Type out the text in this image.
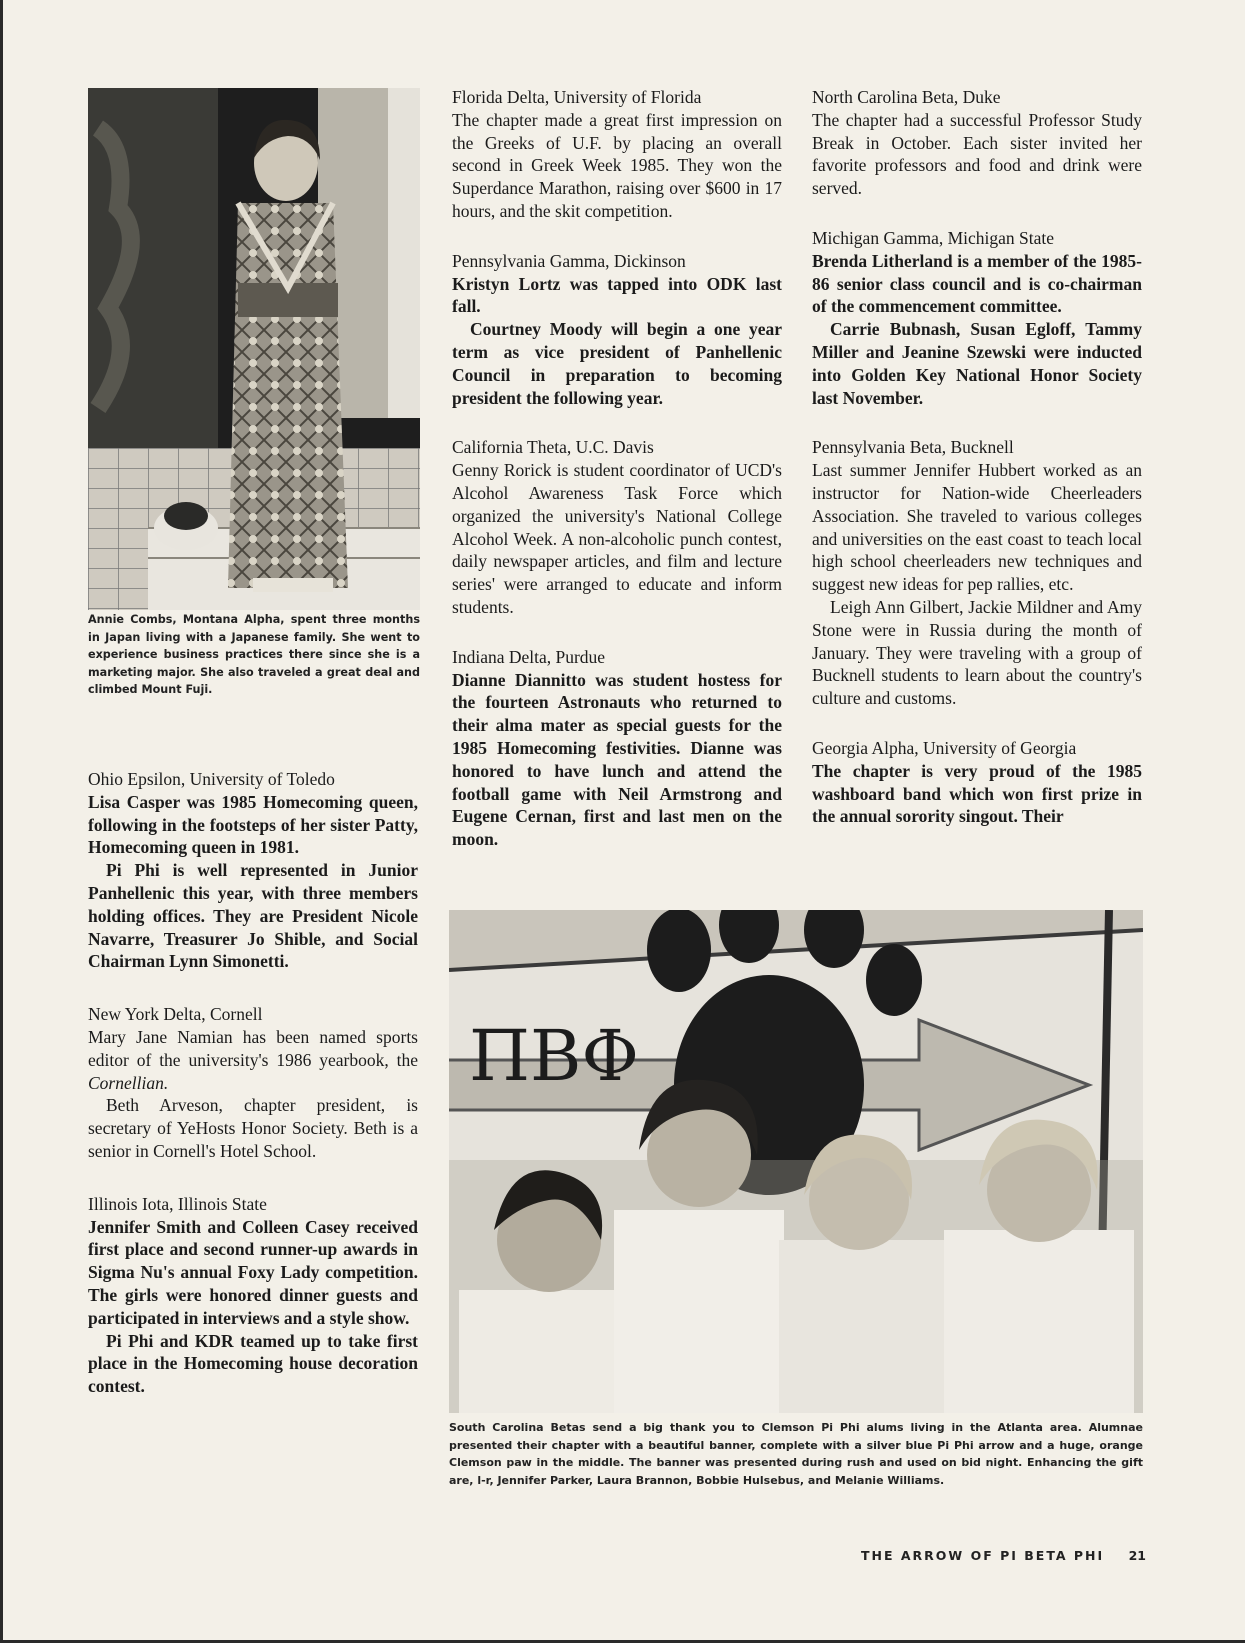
Annie Combs, Montana Alpha, spent three months in Japan living with a Japanese family. She went to experience business practices there since she is a marketing major. She also traveled a great deal and climbed Mount Fuji.

Ohio Epsilon, University of Toledo

Lisa Casper was 1985 Homecoming queen, following in the footsteps of her sister Patty, Homecoming queen in 1981.

Pi Phi is well represented in Junior Panhellenic this year, with three members holding offices. They are President Nicole Navarre, Treasurer Jo Shible, and Social Chairman Lynn Simonetti.

New York Delta, Cornell

Mary Jane Namian has been named sports editor of the university's 1986 yearbook, the Cornellian.

Beth Arveson, chapter president, is secretary of YeHosts Honor Society. Beth is a senior in Cornell's Hotel School.

Illinois Iota, Illinois State

Jennifer Smith and Colleen Casey received first place and second runner-up awards in Sigma Nu's annual Foxy Lady competition. The girls were honored dinner guests and participated in interviews and a style show.

Pi Phi and KDR teamed up to take first place in the Homecoming house decoration contest.

Florida Delta, University of Florida

The chapter made a great first impression on the Greeks of U.F. by placing an overall second in Greek Week 1985. They won the Superdance Marathon, raising over $600 in 17 hours, and the skit competition.

Pennsylvania Gamma, Dickinson

Kristyn Lortz was tapped into ODK last fall.

Courtney Moody will begin a one year term as vice president of Panhellenic Council in preparation to becoming president the following year.

California Theta, U.C. Davis

Genny Rorick is student coordinator of UCD's Alcohol Awareness Task Force which organized the university's National College Alcohol Week. A non-alcoholic punch contest, daily newspaper articles, and film and lecture series' were arranged to educate and inform students.

Indiana Delta, Purdue

Dianne Diannitto was student hostess for the fourteen Astronauts who returned to their alma mater as special guests for the 1985 Homecoming festivities. Dianne was honored to have lunch and attend the football game with Neil Armstrong and Eugene Cernan, first and last men on the moon.

North Carolina Beta, Duke

The chapter had a successful Professor Study Break in October. Each sister invited her favorite professors and food and drink were served.

Michigan Gamma, Michigan State

Brenda Litherland is a member of the 1985-86 senior class council and is co-chairman of the commencement committee.

Carrie Bubnash, Susan Egloff, Tammy Miller and Jeanine Szewski were inducted into Golden Key National Honor Society last November.

Pennsylvania Beta, Bucknell

Last summer Jennifer Hubbert worked as an instructor for Nation-wide Cheerleaders Association. She traveled to various colleges and universities on the east coast to teach local high school cheerleaders new techniques and suggest new ideas for pep rallies, etc.

Leigh Ann Gilbert, Jackie Mildner and Amy Stone were in Russia during the month of January. They were traveling with a group of Bucknell students to learn about the country's culture and customs.

Georgia Alpha, University of Georgia

The chapter is very proud of the 1985 washboard band which won first prize in the annual sorority singout. Their

ΠΒΦ
South Carolina Betas send a big thank you to Clemson Pi Phi alums living in the Atlanta area. Alumnae presented their chapter with a beautiful banner, complete with a silver blue Pi Phi arrow and a huge, orange Clemson paw in the middle. The banner was presented during rush and used on bid night. Enhancing the gift are, l-r, Jennifer Parker, Laura Brannon, Bobbie Hulsebus, and Melanie Williams.
THE ARROW OF PI BETA PHI 21
